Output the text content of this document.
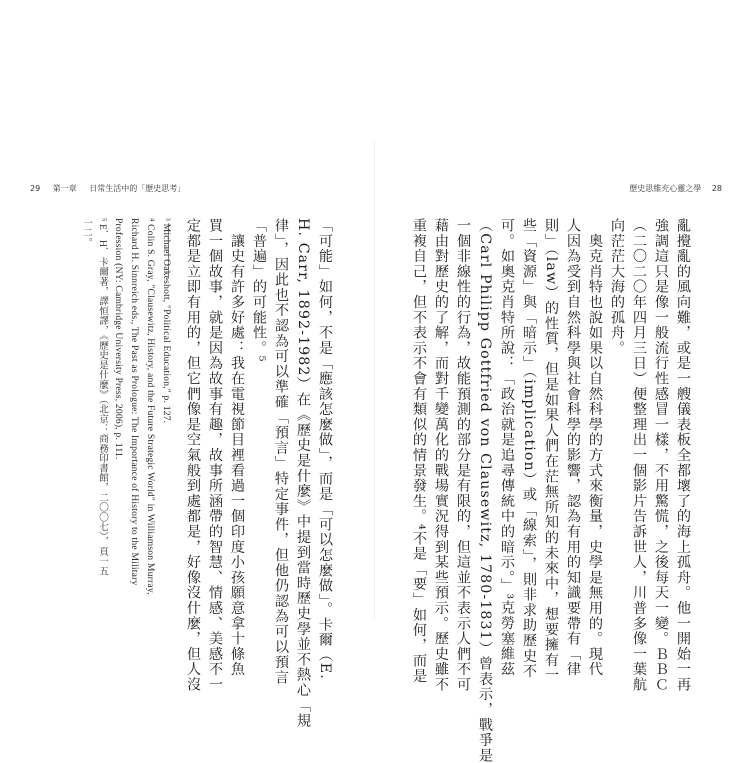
29 第一章 日常生活中的「歷史思考」	歷史思維充心靈之學 28
亂攪亂的風向難，或是一艘儀表板全都壞了的海上孤舟。他一開始一再
強調這只是像一般流行性感冒一樣，不用驚慌，之後每天一變。ＢＢＣ
（二〇二〇年四月三日）便整理出一個影片告訴世人，川普多像一葉航
向茫茫大海的孤舟。
　奧克肖特也說如果以自然科學的方式來衡量，史學是無用的。現代
人因為受到自然科學與社會科學的影響，認為有用的知識要帶有「律
則」（law）的性質，但是如果人們在茫無所知的未來中，想要擁有一
些「資源」與「暗示」（implication）或「線索」，則非求助歷史不
可。如奧克肖特所說：「政治就是追尋傳統中的暗示。」³克勞塞維茲
（Carl Philipp Gottfried von Clausewitz, 1780-1831）曾表示，戰爭是
一個非線性的行為，故能預測的部分是有限的，但這並不表示人們不可
藉由對歷史的了解，而對千變萬化的戰場實況得到某些預示。歷史雖不
重複自己，但不表示不會有類似的情景發生。⁴不是「要」如何，而是
「可能」如何，不是「應該怎麼做」，而是「可以怎麼做」。卡爾（E.
H. Carr, 1892-1982）在《歷史是什麼》中提到當時歷史學並不熱心「規
律」，因此也不認為可以準確「預言」特定事件，但他仍認為可以預言
「普遍」的可能性。⁵
　讓史有許多好處：我在電視節目裡看過一個印度小孩願意拿十條魚
買一個故事，就是因為故事有趣，故事所涵帶的智慧、情感、美感不一
定都是立即有用的，但它們像是空氣般到處都是，好像沒什麼，但人沒
³ Michael Oakeshott, "Political Education," p. 127.
⁴ Colin S. Gray, "Clausewitz, History, and the Future Strategic World" in Williamson Murray,
Richard H. Sinnreich eds., The Past as Prologue: The Importance of History to the Military
Profession (NY: Cambridge University Press, 2006), p. 111.
⁵ E．H．卡爾著，譯恒譯，《歷史是什麼》（北京：商務印書館，二〇〇七），頁一五
一二。
